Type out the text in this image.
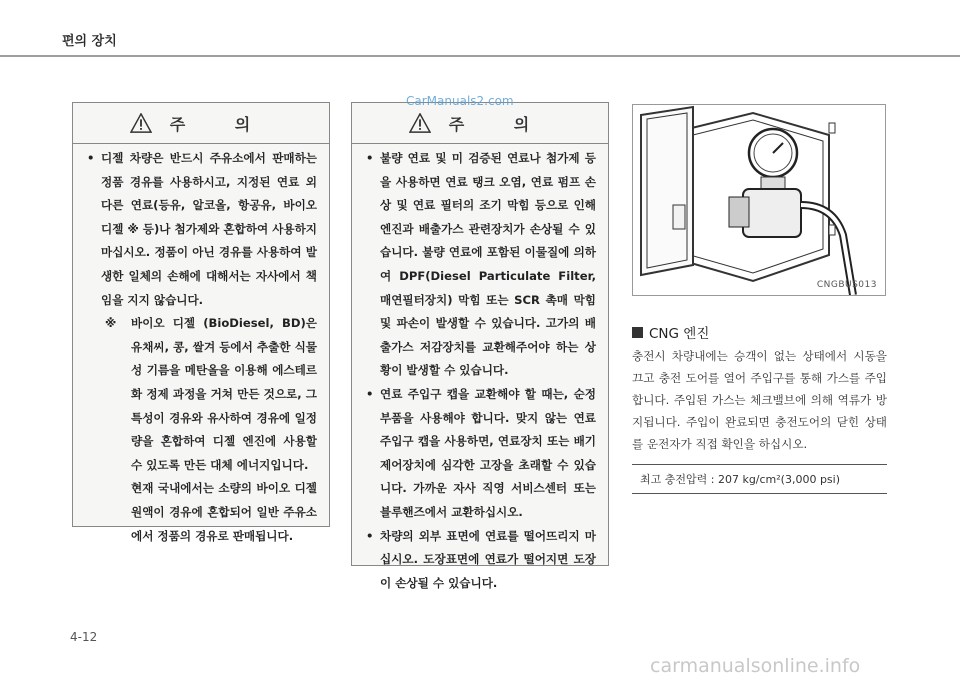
편의 장치
주 의

• 디젤 차량은 반드시 주유소에서 판매하는 정품 경유를 사용하시고, 지정된 연료 외 다른 연료(등유, 알코올, 항공유, 바이오 디젤 ※ 등)나 첨가제와 혼합하여 사용하지 마십시오. 정품이 아닌 경유를 사용하여 발생한 일체의 손해에 대해서는 자사에서 책임을 지지 않습니다.

※ 바이오 디젤 (BioDiesel, BD)은 유채씨, 콩, 쌀겨 등에서 추출한 식물성 기름을 메탄올을 이용해 에스테르화 정제 과정을 거쳐 만든 것으로, 그 특성이 경유와 유사하여 경유에 일정량을 혼합하여 디젤 엔진에 사용할 수 있도록 만든 대체 에너지입니다.
현재 국내에서는 소량의 바이오 디젤 원액이 경유에 혼합되어 일반 주유소에서 정품의 경유로 판매됩니다.
주 의

• 불량 연료 및 미 검증된 연료나 첨가제 등을 사용하면 연료 탱크 오염, 연료 펌프 손상 및 연료 필터의 조기 막힘 등으로 인해 엔진과 배출가스 관련장치가 손상될 수 있습니다. 불량 연료에 포함된 이물질에 의하여 DPF(Diesel Particulate Filter, 매연필터장치) 막힘 또는 SCR 촉매 막힘 및 파손이 발생할 수 있습니다. 고가의 배출가스 저감장치를 교환해주어야 하는 상황이 발생할 수 있습니다.

• 연료 주입구 캡을 교환해야 할 때는, 순정부품을 사용해야 합니다. 맞지 않는 연료 주입구 캡을 사용하면, 연료장치 또는 배기 제어장치에 심각한 고장을 초래할 수 있습니다. 가까운 자사 직영 서비스센터 또는 블루핸즈에서 교환하십시오.

• 차량의 외부 표면에 연료를 떨어뜨리지 마십시오. 도장표면에 연료가 떨어지면 도장이 손상될 수 있습니다.

CarManuals2.com
CNGBUS013
CNG 엔진
충전시 차량내에는 승객이 없는 상태에서 시동을 끄고 충전 도어를 열어 주입구를 통해 가스를 주입합니다. 주입된 가스는 체크밸브에 의해 역류가 방지됩니다. 주입이 완료되면 충전도어의 닫힌 상태를 운전자가 직접 확인을 하십시오.
최고 충전압력 : 207 kg/cm²(3,000 psi)
4-12
carmanualsonline.info
